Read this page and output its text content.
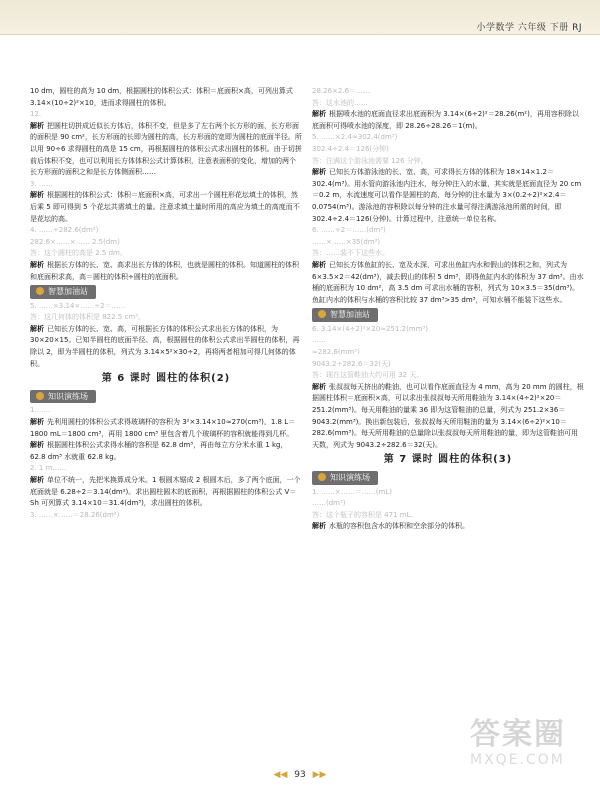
小学数学 六年级 下册 RJ

10 dm，圆柱的高为 10 dm，根据圆柱的体积公式：体积＝底面积×高，可列出算式 3.14×(10÷2)²×10，进而求得圆柱的体积。

12.

解析 把圆柱切拼成近似长方体后，体积不变，但是多了左右两个长方形的面，长方形面的面积是 90 cm²，长方形面的长即为圆柱的高，长方形面的宽即为圆柱的底面半径。所以用 90÷6 求得圆柱的高是 15 cm，再根据圆柱的体积公式求出圆柱的体积。由于切拼前后体积不变，也可以利用长方体体积公式计算体积，注意表面积的变化，增加的两个长方形面的面积之和是长方体侧面积……

3. ……

解析 根据圆柱的体积公式：体积＝底面积×高，可求出一个圆柱形花坛填土的体积，然后乘 5 即可得到 5 个花坛共需填土的量。注意求填土量时所用的高应为填土的高度而不是花坛的高。

4. ……÷282.6(dm²)

282.6×……×…… 2.5(dm)

答：这个圆柱的高是 2.5 dm。

解析 根据长方体的长、宽、高求出长方体的体积，也就是圆柱的体积。知道圆柱的体积和底面积求高，高＝圆柱的体积÷圆柱的底面积。

智慧加油站

5. ……×3.14×……÷2＝……

答：这几何体的体积是 822.5 cm³。

解析 已知长方体的长、宽、高，可根据长方体的体积公式求出长方体的体积，为 30×20×15。已知半圆柱的底面半径、高，根据圆柱的体积公式求出半圆柱的体积，再除以 2，即为半圆柱的体积，列式为 3.14×5²×30÷2，再将两者相加可得几何体的体积。

第 6 课时 圆柱的体积(2)
知识演练场

1.……

解析 先利用圆柱的体积公式求得玻璃杯的容积为 3²×3.14×10≈270(cm³)，1.8 L＝1800 mL＝1800 cm³，再用 1800 cm³ 里包含着几个玻璃杯的容积就能得到几杯。

解析 根据圆柱体积公式求得水桶的容积是 62.8 dm³，再由每立方分米水重 1 kg，62.8 dm³ 水就重 62.8 kg。

2. 1 m……

解析 单位不统一，先把米换算成分米。1 根圆木锯成 2 根圆木后，多了两个底面，一个底面就是 6.28÷2＝3.14(dm²)。求出圆柱圆木的底面积，再根据圆柱的体积公式 V＝Sh 可列算式 3.14×10＝31.4(dm³)，求出圆柱的体积。

3. ……×……＝28.26(dm²)

28.26×2.6＝……

答：这水池的……

解析 根据喷水池的底面直径求出底面积为 3.14×(6÷2)²＝28.26(m²)，再用容积除以底面积可得喷水池的深度，即 28.26÷28.26＝1(m)。

5. ……×2.4≈302.4(dm³)

302.4÷2.4＝126(分钟)

答：注满这个游泳池需要 126 分钟。

解析 已知长方体游泳池的长、宽、高，可求得长方体的体积为 18×14×1.2＝302.4(m³)。用水管向游泳池内注水，每分钟注入的水量，其实就是底面直径为 20 cm＝0.2 m，水流速度可以看作是圆柱的高，每分钟的注水量为 3×(0.2÷2)²×2.4＝0.0754(m³)。游泳池的容积除以每分钟的注水量可得注满游泳池所需的时间，即 302.4÷2.4＝126(分钟)。计算过程中，注意统一单位名称。

6. ……÷2＝……(dm³)

……×……×35(dm³)

答：……装不下这些水。

解析 已知长方体鱼缸的长、宽及水深，可求出鱼缸内水和假山的体积之和，列式为 6×3.5×2＝42(dm³)，减去假山的体积 5 dm³，即得鱼缸内水的体积为 37 dm³。由水桶的底面积为 10 dm²，高 3.5 dm 可求出水桶的容积，列式为 10×3.5＝35(dm³)。鱼缸内水的体积与水桶的容积比较 37 dm³>35 dm³，可知水桶不能装下这些水。

智慧加油站

6. 3.14×(4÷2)²×20≈251.2(mm³)

……

≈282.6(mm³)

9043.2÷282.6＝32(天)

答：现在这管鞋油大约可用 32 天。

解析 张叔叔每天挤出的鞋油，也可以看作底面直径为 4 mm，高为 20 mm 的圆柱，根据圆柱体积＝底面积×高，可以求出张叔叔每天所用鞋油为 3.14×(4÷2)²×20＝251.2(mm³)。每天用鞋油的量乘 36 即为这管鞋油的总量，列式为 251.2×36＝9043.2(mm³)。换出新包装后，张叔叔每天所用鞋油的量为 3.14×(6÷2)²×10＝282.6(mm³)。每天所用鞋油的总量除以张叔叔每天所用鞋油的量，即为这管鞋油可用天数，列式为 9043.2÷282.6＝32(天)。

第 7 课时 圆柱的体积(3)
知识演练场

1. ……×……＝……(mL)

……(dm³)

答：这个瓶子的容积是 471 mL。

解析 水瓶的容积包含水的体积和空余部分的体积。

◀◀ 93 ▶▶
答案圈
MXQE.COM
